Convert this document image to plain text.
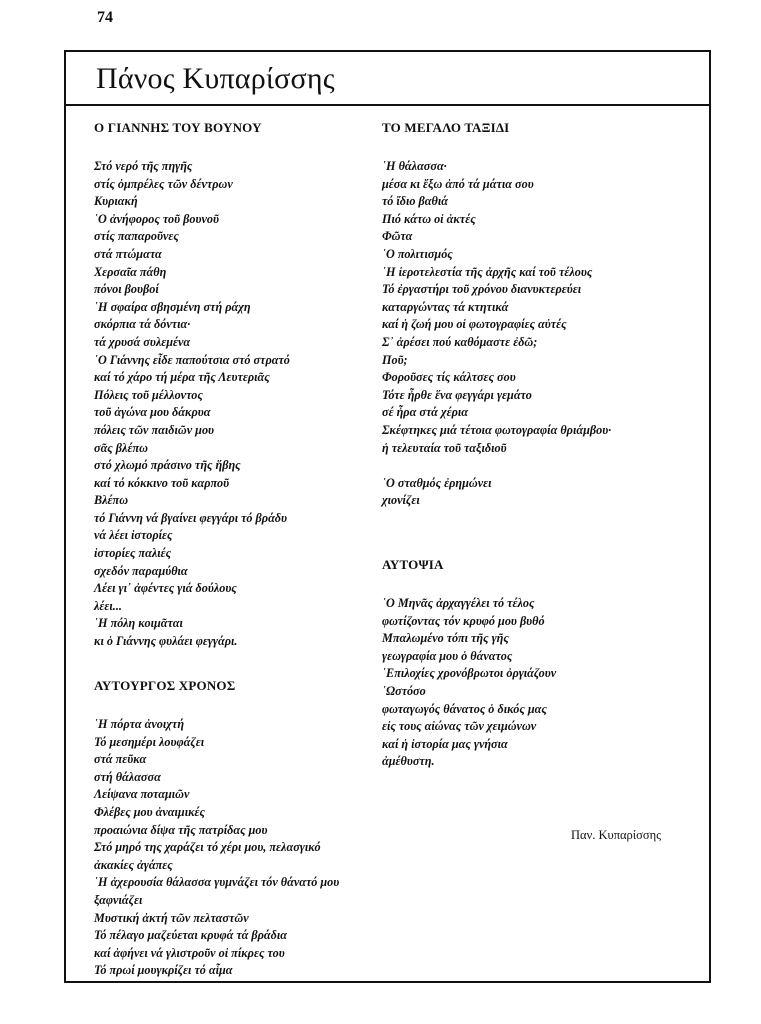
74
Πάνος Κυπαρίσσης

Ο ΓΙΑΝΝΗΣ ΤΟΥ ΒΟΥΝΟΥ

Στό νερό τῆς πηγῆς
στίς ὀμπρέλες τῶν δέντρων
Κυριακή
῾Ο ἀνήφορος τοῦ βουνοῦ
στίς παπαροῦνες
στά πτώματα
Χερσαῖα πάθη
πόνοι βουβοί
῾Η σφαίρα σβησμένη στή ράχη
σκόρπια τά δόντια·
τά χρυσά συλεμένα
῾Ο Γιάννης εἶδε παπούτσια στό στρατό
καί τό χάρο τή μέρα τῆς Λευτεριᾶς
Πόλεις τοῦ μέλλοντος
τοῦ ἀγώνα μου δάκρυα
πόλεις τῶν παιδιῶν μου
σᾶς βλέπω
στό χλωμό πράσινο τῆς ἥβης
καί τό κόκκινο τοῦ καρποῦ
Βλέπω
τό Γιάννη νά βγαίνει φεγγάρι τό βράδυ
νά λέει ἱστορίες
ἱστορίες παλιές
σχεδόν παραμύθια
Λέει γι᾿ ἀφέντες γιά δούλους
λέει...
῾Η πόλη κοιμᾶται
κι ὁ Γιάννης φυλάει φεγγάρι.

ΑΥΤΟΥΡΓΟΣ ΧΡΟΝΟΣ

῾Η πόρτα ἀνοιχτή
Τό μεσημέρι λουφάζει
στά πεῦκα
στή θάλασσα
Λείψανα ποταμιῶν
Φλέβες μου ἀναιμικές
προαιώνια δίψα τῆς πατρίδας μου
Στό μηρό της χαράζει τό χέρι μου, πελασγικό
ἀκακίες ἀγάπες
῾Η ἀχερουσία θάλασσα γυμνάζει τόν θάνατό μου
ξαφνιάζει
Μυστική ἀκτή τῶν πελταστῶν
Τό πέλαγο μαζεύεται κρυφά τά βράδια
καί ἀφήνει νά γλιστροῦν οἱ πίκρες του
Τό πρωί μουγκρίζει τό αἷμα

ΤΟ ΜΕΓΑΛΟ ΤΑΞΙΔΙ

῾Η θάλασσα·
μέσα κι ἔξω ἀπό τά μάτια σου
τό ἴδιο βαθιά
Πιό κάτω οἱ ἀκτές
Φῶτα
῾Ο πολιτισμός
῾Η ἱεροτελεστία τῆς ἀρχῆς καί τοῦ τέλους
Τό ἐργαστήρι τοῦ χρόνου διανυκτερεύει
καταργώντας τά κτητικά
καί ἡ ζωή μου οἱ φωτογραφίες αὐτές
Σ᾿ ἀρέσει πού καθόμαστε ἐδῶ;
Ποῦ;
Φοροῦσες τίς κάλτσες σου
Τότε ἦρθε ἕνα φεγγάρι γεμάτο
σέ ἦρα στά χέρια
Σκέφτηκες μιά τέτοια φωτογραφία θριάμβου·
ἡ τελευταία τοῦ ταξιδιοῦ

῾Ο σταθμός ἐρημώνει
χιονίζει

ΑΥΤΟΨΙΑ

῾Ο Μηνᾶς ἀρχαγγέλει τό τέλος
φωτίζοντας τόν κρυφό μου βυθό
Μπαλωμένο τόπι τῆς γῆς
γεωγραφία μου ὁ θάνατος
῾Επιλοχίες χρονόβρωτοι ὀργιάζουν
῾Ωστόσο
φωταγωγός θάνατος ὁ δικός μας
εἰς τους αἰώνας τῶν χειμώνων
καί ἡ ἱστορία μας γνήσια
ἀμέθυστη.
Παν. Κυπαρίσσης
